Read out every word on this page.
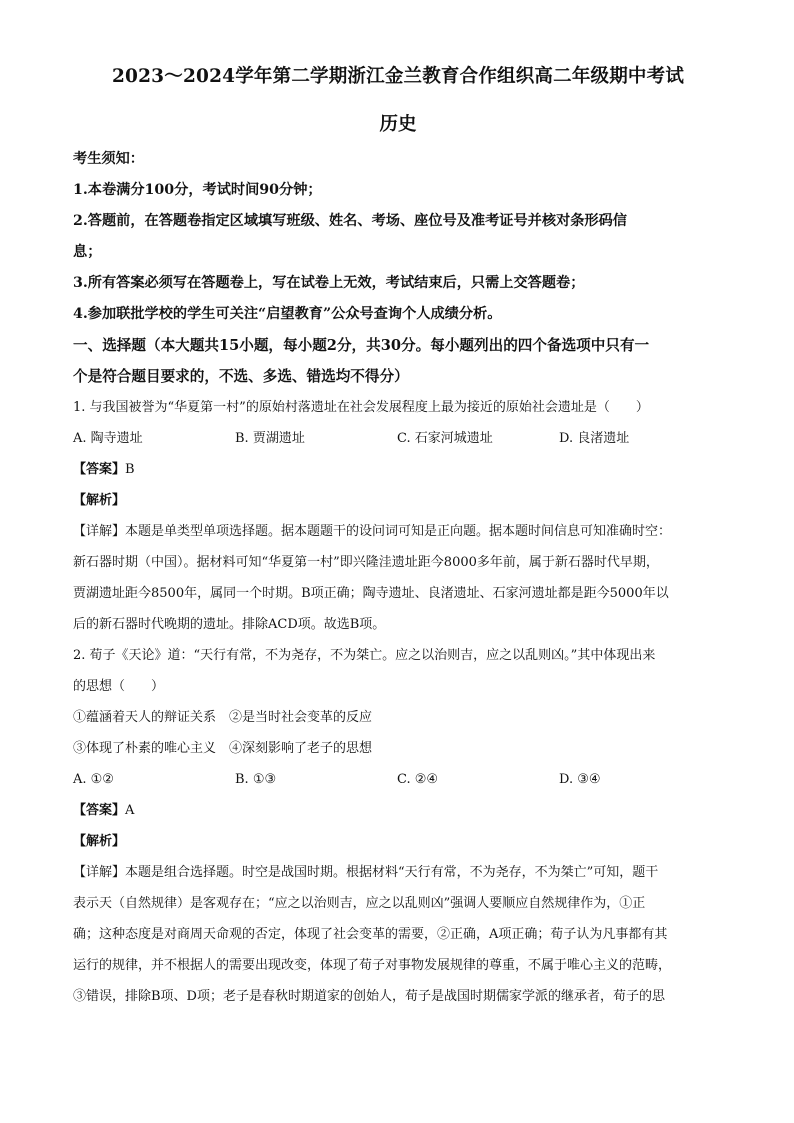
2023～2024学年第二学期浙江金兰教育合作组织高二年级期中考试
历史
考生须知：
1.本卷满分100分，考试时间90分钟；
2.答题前，在答题卷指定区域填写班级、姓名、考场、座位号及准考证号并核对条形码信
息；
3.所有答案必须写在答题卷上，写在试卷上无效，考试结束后，只需上交答题卷；
4.参加联批学校的学生可关注“启望教育”公众号查询个人成绩分析。
一、选择题（本大题共15小题，每小题2分，共30分。每小题列出的四个备选项中只有一
个是符合题目要求的，不选、多选、错选均不得分）
1. 与我国被誉为“华夏第一村”的原始村落遗址在社会发展程度上最为接近的原始社会遗址是（　　）
A. 陶寺遗址	B. 贾湖遗址	C. 石家河城遗址	D. 良渚遗址
【答案】B
【解析】
【详解】本题是单类型单项选择题。据本题题干的设问词可知是正向题。据本题时间信息可知准确时空：
新石器时期（中国）。据材料可知“华夏第一村”即兴隆洼遗址距今8000多年前，属于新石器时代早期，
贾湖遗址距今8500年，属同一个时期。B项正确；陶寺遗址、良渚遗址、石家河遗址都是距今5000年以
后的新石器时代晚期的遗址。排除ACD项。故选B项。
2. 荀子《天论》道：“天行有常，不为尧存，不为桀亡。应之以治则吉，应之以乱则凶。”其中体现出来
的思想（　　）
①蕴涵着天人的辩证关系　②是当时社会变革的反应
③体现了朴素的唯心主义　④深刻影响了老子的思想
A. ①②	B. ①③	C. ②④	D. ③④
【答案】A
【解析】
【详解】本题是组合选择题。时空是战国时期。根据材料“天行有常，不为尧存，不为桀亡”可知，题干
表示天（自然规律）是客观存在；“应之以治则吉，应之以乱则凶”强调人要顺应自然规律作为，①正
确；这种态度是对商周天命观的否定，体现了社会变革的需要，②正确，A项正确；荀子认为凡事都有其
运行的规律，并不根据人的需要出现改变，体现了荀子对事物发展规律的尊重，不属于唯心主义的范畴，
③错误，排除B项、D项；老子是春秋时期道家的创始人，荀子是战国时期儒家学派的继承者，荀子的思
